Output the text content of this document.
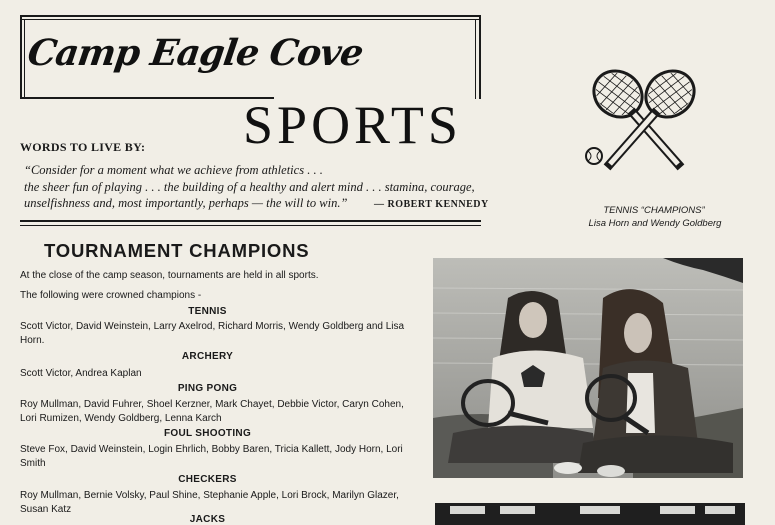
Camp Eagle Cove
SPORTS
WORDS TO LIVE BY:
“Consider for a moment what we achieve from athletics . . .
the sheer fun of playing . . . the building of a healthy and alert mind . . . stamina, courage,
unselfishness and, most importantly, perhaps — the will to win.”	— ROBERT KENNEDY
TENNIS “CHAMPIONS”
Lisa Horn and Wendy Goldberg
TOURNAMENT CHAMPIONS
At the close of the camp season, tournaments are held in all sports.
The following were crowned champions -
TENNIS
Scott Victor, David Weinstein, Larry Axelrod, Richard Morris, Wendy Goldberg and Lisa Horn.
ARCHERY
Scott Victor, Andrea Kaplan
PING PONG
Roy Mullman, David Fuhrer, Shoel Kerzner, Mark Chayet, Debbie Victor, Caryn Cohen, Lori Rumizen, Wendy Goldberg, Lenna Karch
FOUL SHOOTING
Steve Fox, David Weinstein, Login Ehrlich, Bobby Baren, Tricia Kallett, Jody Horn, Lori Smith
CHECKERS
Roy Mullman, Bernie Volsky, Paul Shine, Stephanie Apple, Lori Brock, Marilyn Glazer, Susan Katz
JACKS
